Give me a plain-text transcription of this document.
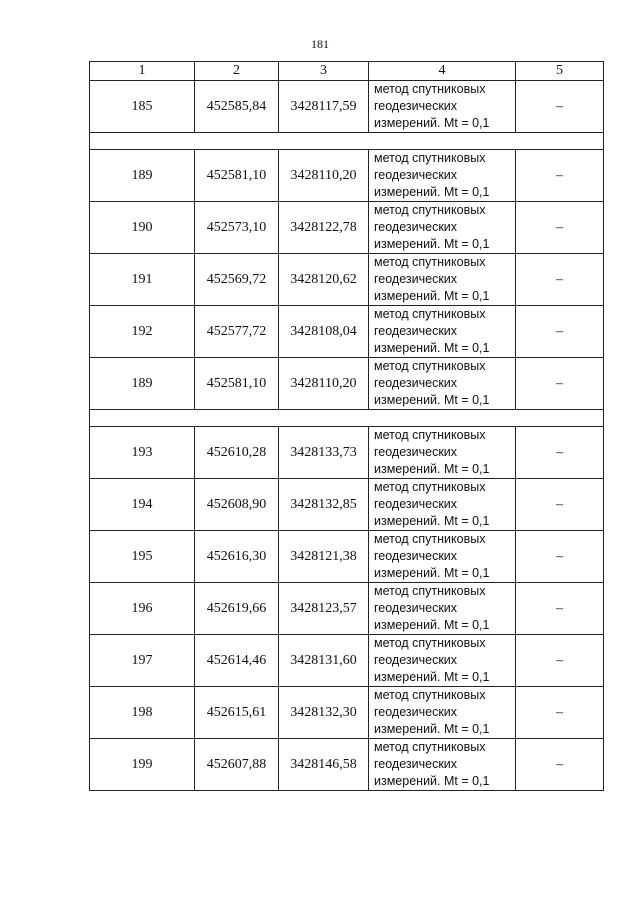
181
1	2	3	4	5
185	452585,84	3428117,59	метод спутниковых
геодезических
измерений. Mt = 0,1	–

189	452581,10	3428110,20	метод спутниковых
геодезических
измерений. Mt = 0,1	–
190	452573,10	3428122,78	метод спутниковых
геодезических
измерений. Mt = 0,1	–
191	452569,72	3428120,62	метод спутниковых
геодезических
измерений. Mt = 0,1	–
192	452577,72	3428108,04	метод спутниковых
геодезических
измерений. Mt = 0,1	–
189	452581,10	3428110,20	метод спутниковых
геодезических
измерений. Mt = 0,1	–

193	452610,28	3428133,73	метод спутниковых
геодезических
измерений. Mt = 0,1	–
194	452608,90	3428132,85	метод спутниковых
геодезических
измерений. Mt = 0,1	–
195	452616,30	3428121,38	метод спутниковых
геодезических
измерений. Mt = 0,1	–
196	452619,66	3428123,57	метод спутниковых
геодезических
измерений. Mt = 0,1	–
197	452614,46	3428131,60	метод спутниковых
геодезических
измерений. Mt = 0,1	–
198	452615,61	3428132,30	метод спутниковых
геодезических
измерений. Mt = 0,1	–
199	452607,88	3428146,58	метод спутниковых
геодезических
измерений. Mt = 0,1	–
